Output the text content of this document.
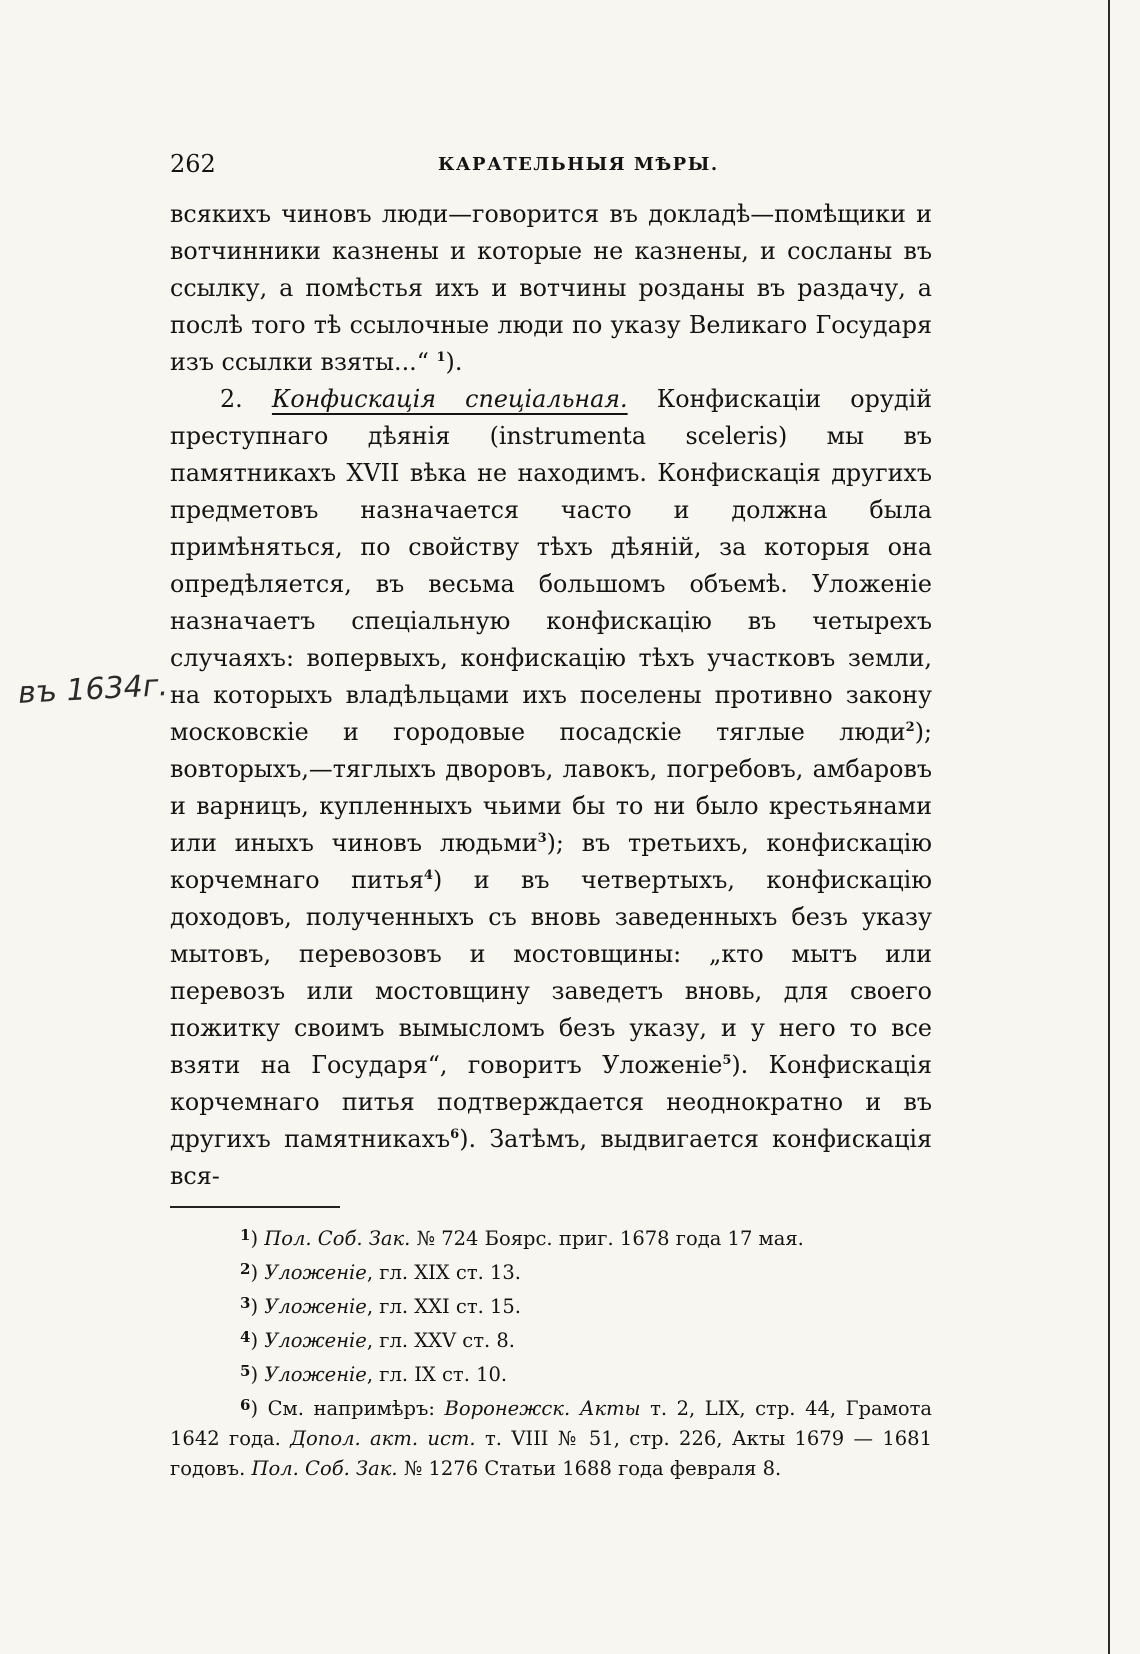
262	КАРАТЕЛЬНЫЯ МѢРЫ.
въ 1634г.

всякихъ чиновъ люди—говорится въ докладѣ—помѣщики и вотчинники казнены и которые не казнены, и сосланы въ ссылку, а помѣстья ихъ и вотчины розданы въ раздачу, а послѣ того тѣ ссылочные люди по указу Великаго Государя изъ ссылки взяты...“ $^1$).

2. Конфискація спеціальная. Конфискаціи орудій преступнаго дѣянія (instrumenta sceleris) мы въ памятникахъ XVII вѣка не находимъ. Конфискація другихъ предметовъ назначается часто и должна была примѣняться, по свойству тѣхъ дѣяній, за которыя она опредѣляется, въ весьма большомъ объемѣ. Уложеніе назначаетъ спеціальную конфискацію въ четырехъ случаяхъ: вопервыхъ, конфискацію тѣхъ участковъ земли, на которыхъ владѣльцами ихъ поселены противно закону московскіе и городовые посадскіе тяглые люди$^2$); вовторыхъ,—тяглыхъ дворовъ, лавокъ, погребовъ, амбаровъ и варницъ, купленныхъ чьими бы то ни было крестьянами или иныхъ чиновъ людьми$^3$); въ третьихъ, конфискацію корчемнаго питья$^4$) и въ четвертыхъ, конфискацію доходовъ, полученныхъ съ вновь заведенныхъ безъ указу мытовъ, перевозовъ и мостовщины: „кто мытъ или перевозъ или мостовщину заведетъ вновь, для своего пожитку своимъ вымысломъ безъ указу, и у него то все взяти на Государя“, говоритъ Уложеніе$^5$). Конфискація корчемнаго питья подтверждается неоднократно и въ другихъ памятникахъ$^6$). Затѣмъ, выдвигается конфискація вся-

$^1$) Пол. Соб. Зак. № 724 Боярс. приг. 1678 года 17 мая.

$^2$) Уложеніе, гл. XIX ст. 13.

$^3$) Уложеніе, гл. XXI ст. 15.

$^4$) Уложеніе, гл. XXV ст. 8.

$^5$) Уложеніе, гл. IX ст. 10.

$^6$) См. напримѣръ: Воронежск. Акты т. 2, LIX, стр. 44, Грамота 1642 года. Допол. акт. ист. т. VIII № 51, стр. 226, Акты 1679 — 1681 годовъ. Пол. Соб. Зак. № 1276 Статьи 1688 года февраля 8.
